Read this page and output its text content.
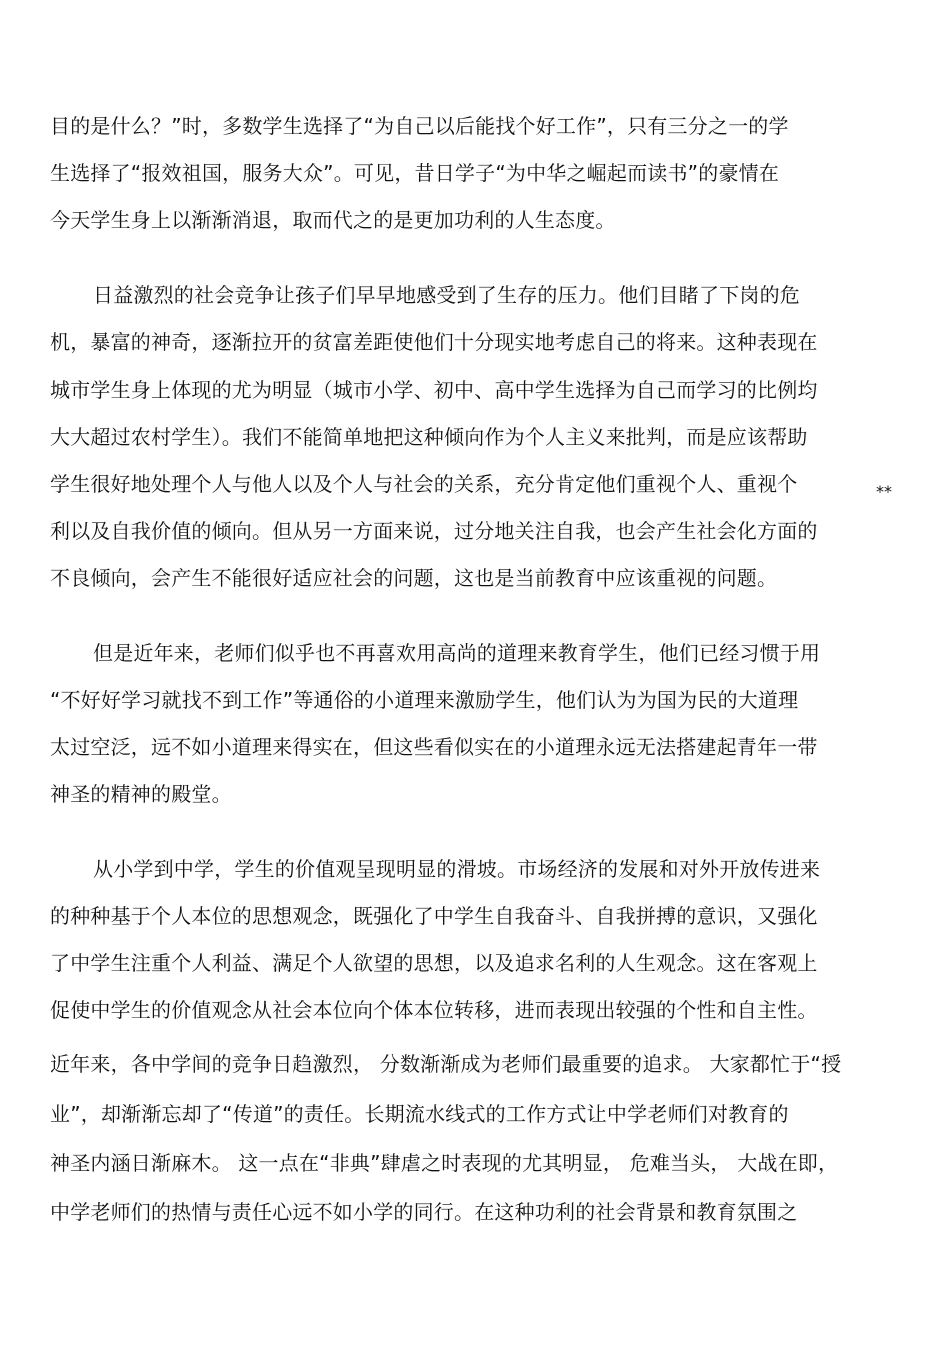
目的是什么？”时，多数学生选择了“为自己以后能找个好工作”，只有三分之一的学
生选择了“报效祖国，服务大众”。可见，昔日学子“为中华之崛起而读书”的豪情在
今天学生身上以渐渐消退，取而代之的是更加功利的人生态度。
日益激烈的社会竞争让孩子们早早地感受到了生存的压力。他们目睹了下岗的危
机，暴富的神奇，逐渐拉开的贫富差距使他们十分现实地考虑自己的将来。这种表现在
城市学生身上体现的尤为明显（城市小学、初中、高中学生选择为自己而学习的比例均
大大超过农村学生）。我们不能简单地把这种倾向作为个人主义来批判，而是应该帮助
学生很好地处理个人与他人以及个人与社会的关系，充分肯定他们重视个人、重视个
利以及自我价值的倾向。但从另一方面来说，过分地关注自我，也会产生社会化方面的
不良倾向，会产生不能很好适应社会的问题，这也是当前教育中应该重视的问题。
但是近年来，老师们似乎也不再喜欢用高尚的道理来教育学生，他们已经习惯于用
“不好好学习就找不到工作”等通俗的小道理来激励学生，他们认为为国为民的大道理
太过空泛，远不如小道理来得实在，但这些看似实在的小道理永远无法搭建起青年一带
神圣的精神的殿堂。
从小学到中学，学生的价值观呈现明显的滑坡。市场经济的发展和对外开放传进来
的种种基于个人本位的思想观念，既强化了中学生自我奋斗、自我拼搏的意识，又强化
了中学生注重个人利益、满足个人欲望的思想，以及追求名利的人生观念。这在客观上
促使中学生的价值观念从社会本位向个体本位转移，进而表现出较强的个性和自主性。
近年来，各中学间的竞争日趋激烈， 分数渐渐成为老师们最重要的追求。 大家都忙于“授
业”，却渐渐忘却了“传道”的责任。长期流水线式的工作方式让中学老师们对教育的
神圣内涵日渐麻木。 这一点在“非典”肆虐之时表现的尤其明显， 危难当头， 大战在即，
中学老师们的热情与责任心远不如小学的同行。在这种功利的社会背景和教育氛围之
**
